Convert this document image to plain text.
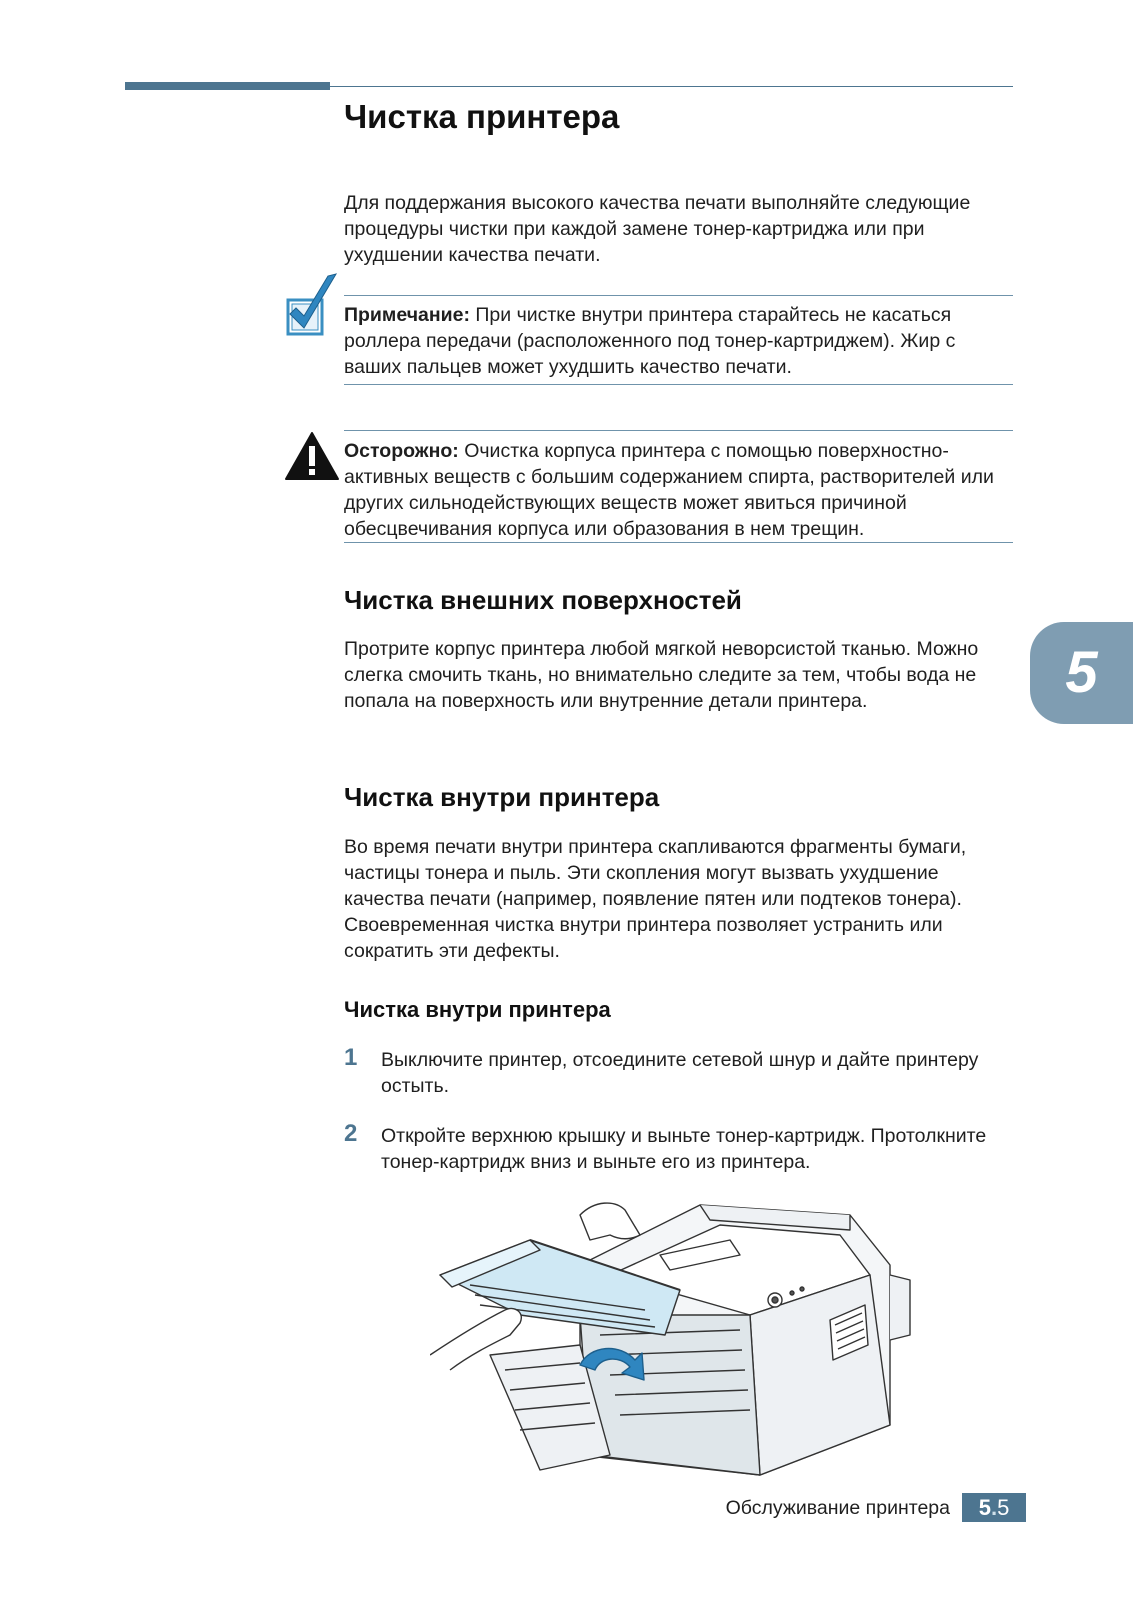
Чистка принтера
Для поддержания высокого качества печати выполняйте следующие процедуры чистки при каждой замене тонер-картриджа или при ухудшении качества печати.
Примечание: При чистке внутри принтера старайтесь не касаться роллера передачи (расположенного под тонер-картриджем). Жир с ваших пальцев может ухудшить качество печати.
Осторожно: Очистка корпуса принтера с помощью поверхностно-активных веществ с большим содержанием спирта, растворителей или других сильнодействующих веществ может явиться причиной обесцвечивания корпуса или образования в нем трещин.
Чистка внешних поверхностей
Протрите корпус принтера любой мягкой неворсистой тканью. Можно слегка смочить ткань, но внимательно следите за тем, чтобы вода не попала на поверхность или внутренние детали принтера.	5
Чистка внутри принтера
Во время печати внутри принтера скапливаются фрагменты бумаги, частицы тонера и пыль. Эти скопления могут вызвать ухудшение качества печати (например, появление пятен или подтеков тонера). Своевременная чистка внутри принтера позволяет устранить или сократить эти дефекты.
Чистка внутри принтера
1 Выключите принтер, отсоедините сетевой шнур и дайте принтеру остыть.
2 Откройте верхнюю крышку и выньте тонер-картридж. Протолкните тонер-картридж вниз и выньте его из принтера.
Обслуживание принтера	5.5
